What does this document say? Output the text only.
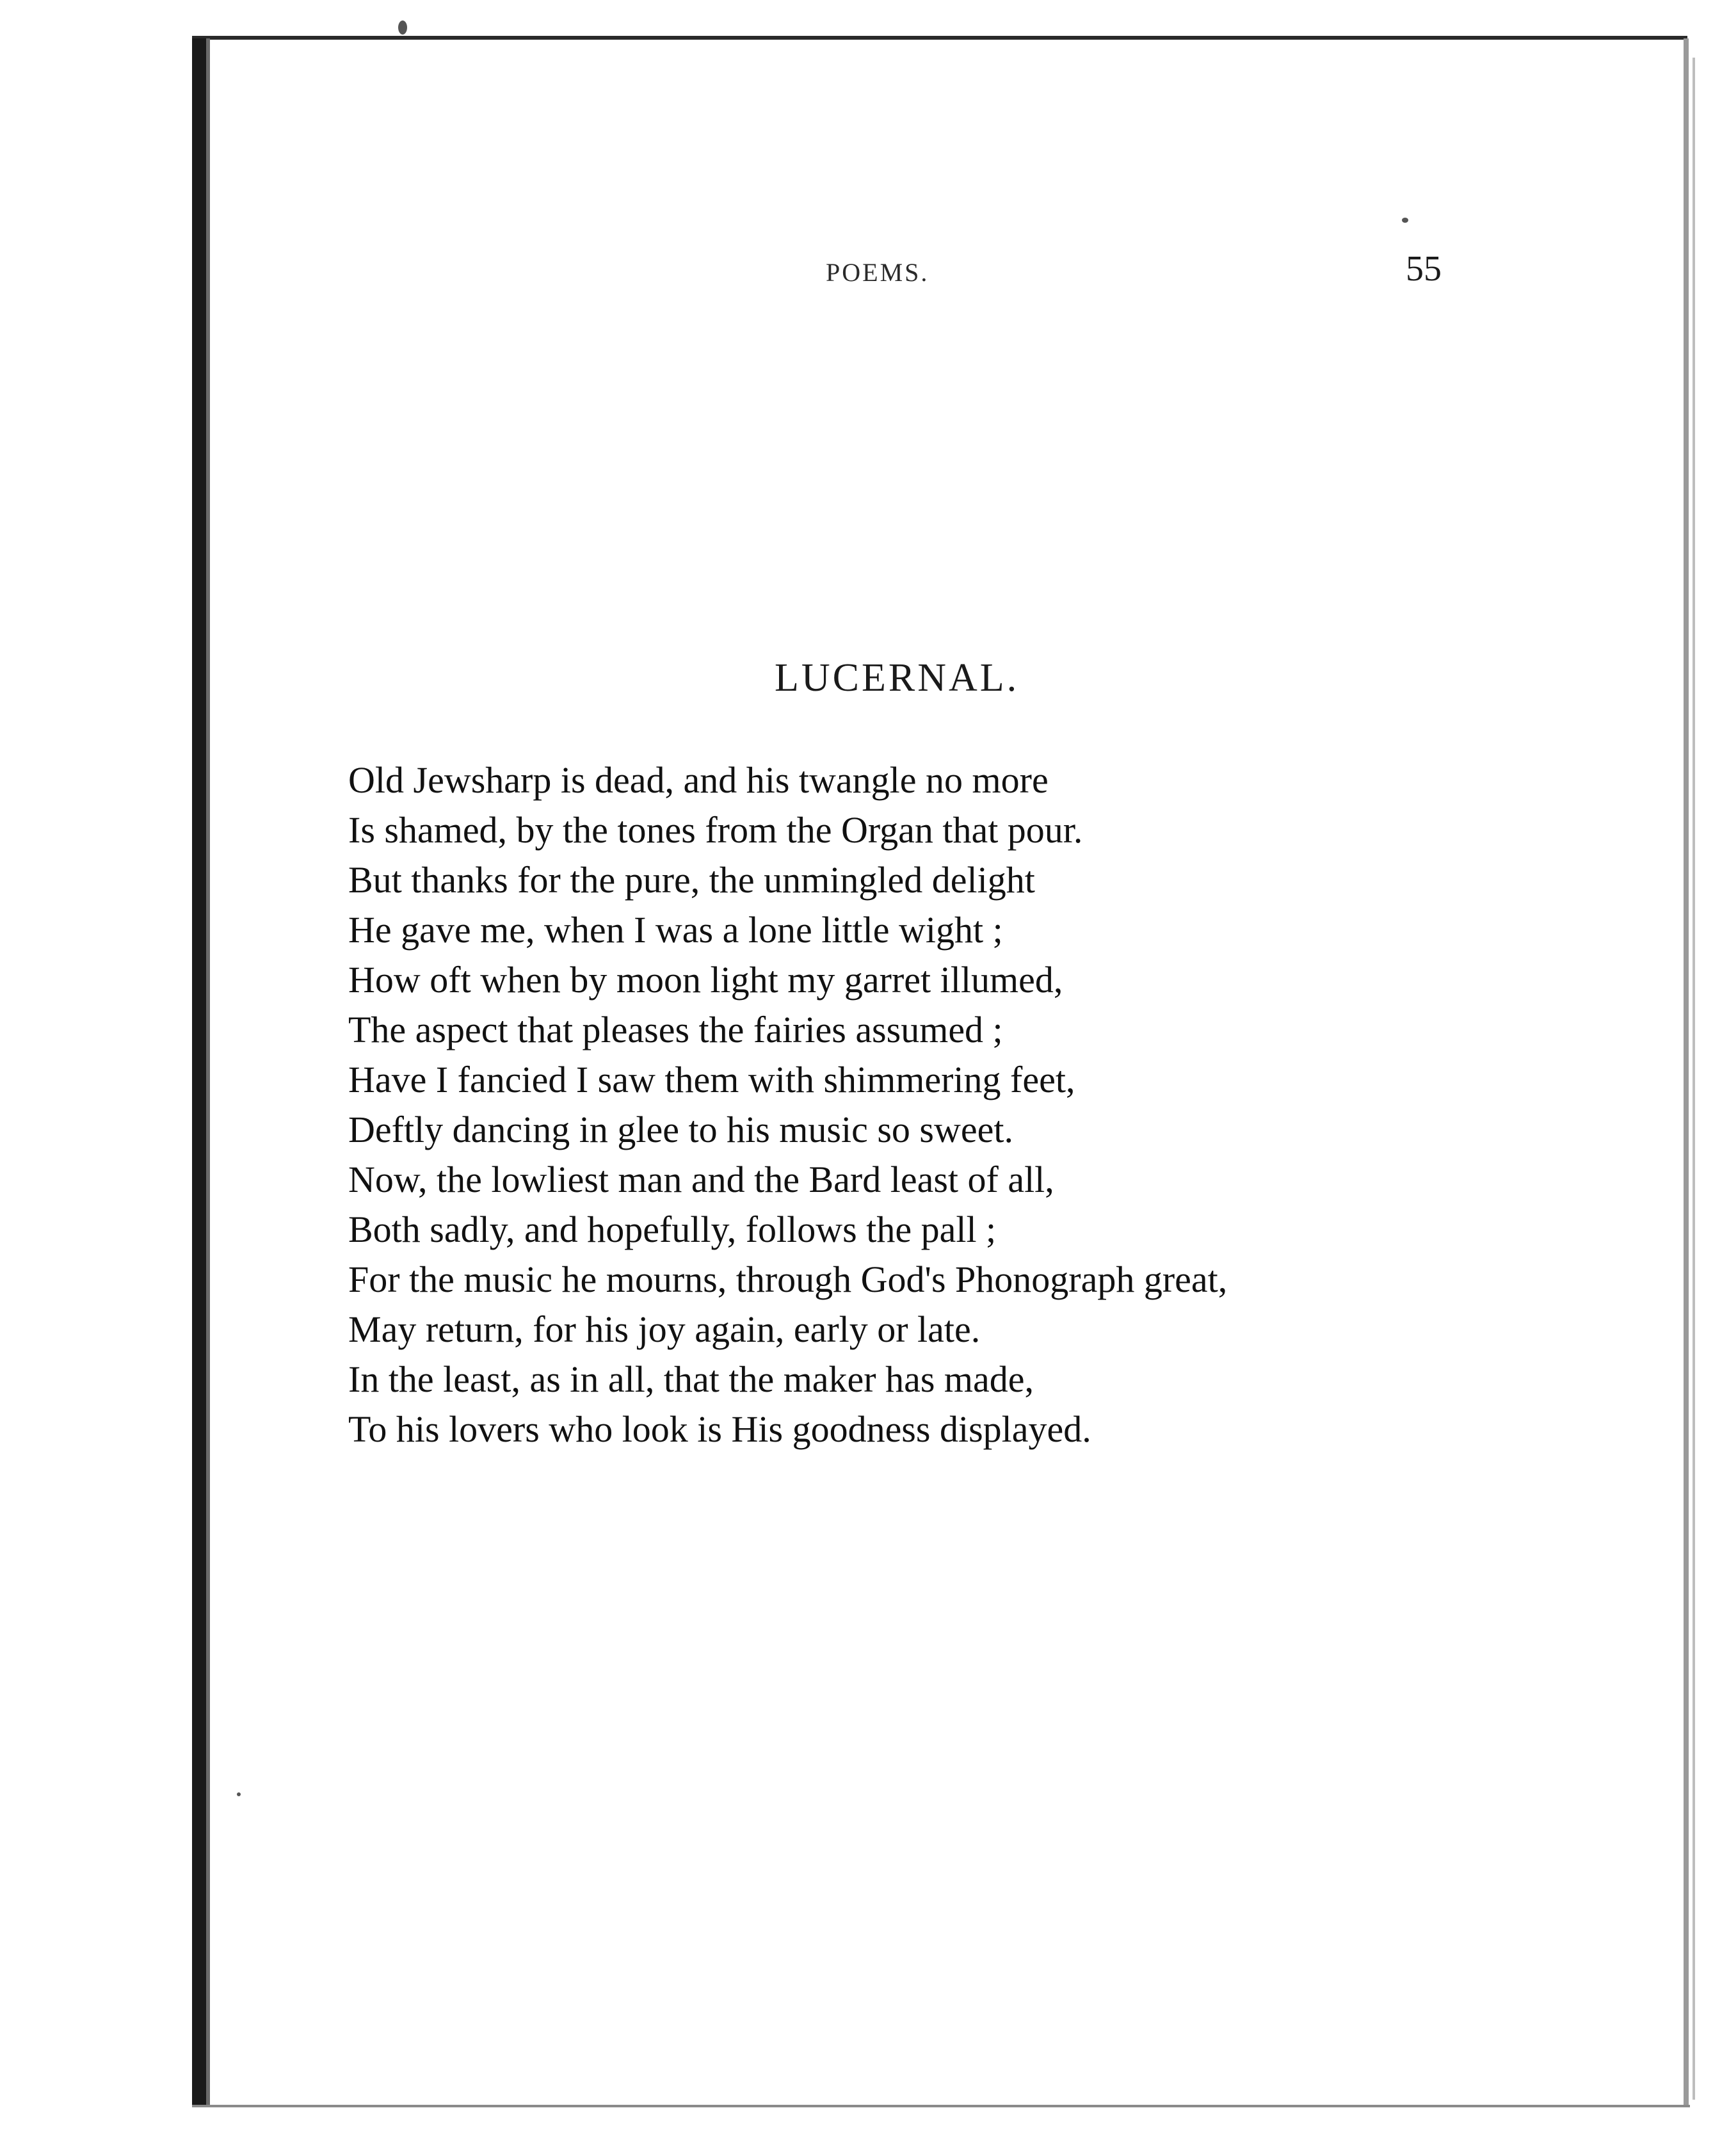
POEMS.	55

LUCERNAL.
Old Jewsharp is dead, and his twangle no more
Is shamed, by the tones from the Organ that pour.
But thanks for the pure, the unmingled delight
He gave me, when I was a lone little wight ;
How oft when by moon light my garret illumed,
The aspect that pleases the fairies assumed ;
Have I fancied I saw them with shimmering feet,
Deftly dancing in glee to his music so sweet.
Now, the lowliest man and the Bard least of all,
Both sadly, and hopefully, follows the pall ;
For the music he mourns, through God's Phonograph great,
May return, for his joy again, early or late.
In the least, as in all, that the maker has made,
To his lovers who look is His goodness displayed.
